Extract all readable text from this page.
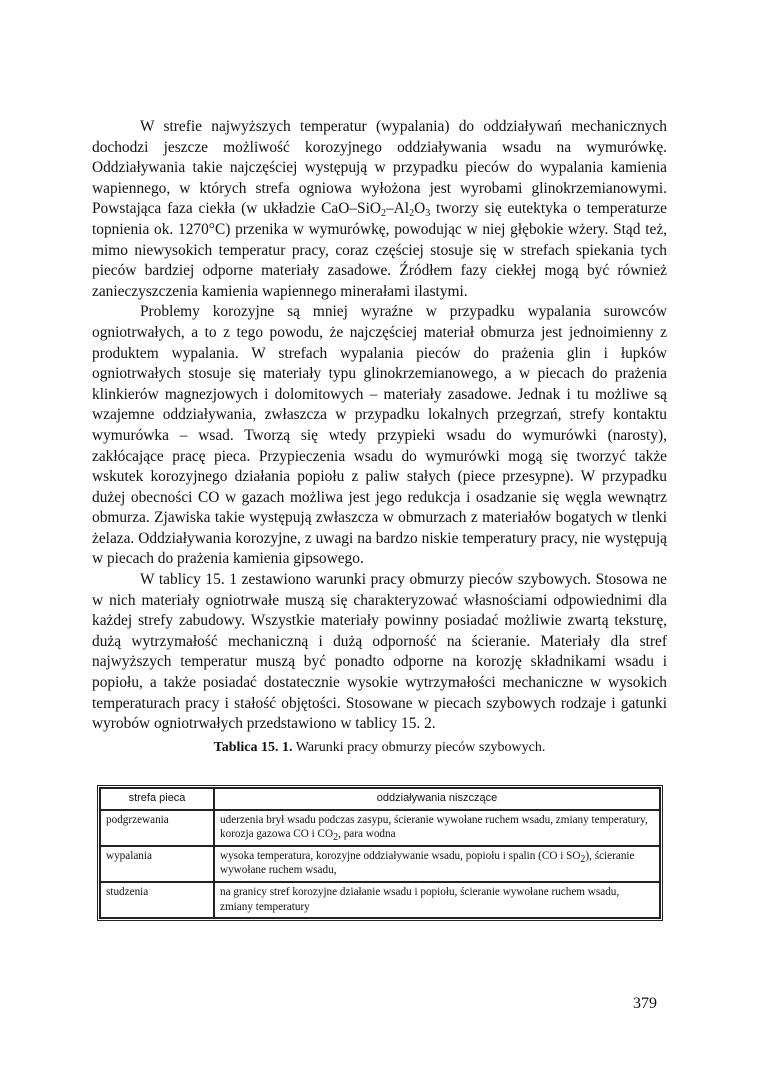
W strefie najwyższych temperatur (wypalania) do oddziaływań mechanicznych dochodzi jeszcze możliwość korozyjnego oddziaływania wsadu na wymurówkę. Oddziaływania takie najczęściej występują w przypadku pieców do wypalania kamienia wapiennego, w których strefa ogniowa wyłożona jest wyrobami glinokrzemianowymi. Powstająca faza ciekła (w układzie CaO–$SiO_2-Al_2O_3$ tworzy się eutektyka o temperaturze topnienia ok. 1270°C) przenika w wymurówkę, powodując w niej głębokie wżery. Stąd też, mimo niewysokich temperatur pracy, coraz częściej stosuje się w strefach spiekania tych pieców bardziej odporne materiały zasadowe. Źródłem fazy ciekłej mogą być również zanieczyszczenia kamienia wapiennego minerałami ilastymi.

Problemy korozyjne są mniej wyraźne w przypadku wypalania surowców ogniotrwałych, a to z tego powodu, że najczęściej materiał obmurza jest jednoimienny z produktem wypalania. W strefach wypalania pieców do prażenia glin i łupków ogniotrwałych stosuje się materiały typu glinokrzemianowego, a w piecach do prażenia klinkierów magnezjowych i dolomitowych – materiały zasadowe. Jednak i tu możliwe są wzajemne oddziaływania, zwłaszcza w przypadku lokalnych przegrzań, strefy kontaktu wymurówka – wsad. Tworzą się wtedy przypieki wsadu do wymurówki (narosty), zakłócające pracę pieca. Przypieczenia wsadu do wymurówki mogą się tworzyć także wskutek korozyjnego działania popiołu z paliw stałych (piece przesypne). W przypadku dużej obecności CO w gazach możliwa jest jego redukcja i osadzanie się węgla wewnątrz obmurza. Zjawiska takie występują zwłaszcza w obmurzach z materiałów bogatych w tlenki żelaza. Oddziaływania korozyjne, z uwagi na bardzo niskie temperatury pracy, nie występują w piecach do prażenia kamienia gipsowego.

W tablicy 15. 1 zestawiono warunki pracy obmurzy pieców szybowych. Stosowa ne w nich materiały ogniotrwałe muszą się charakteryzować własnościami odpowiednimi dla każdej strefy zabudowy. Wszystkie materiały powinny posiadać możliwie zwartą teksturę, dużą wytrzymałość mechaniczną i dużą odporność na ścieranie. Materiały dla stref najwyższych temperatur muszą być ponadto odporne na korozję składnikami wsadu i popiołu, a także posiadać dostatecznie wysokie wytrzymałości mechaniczne w wysokich temperaturach pracy i stałość objętości. Stosowane w piecach szybowych rodzaje i gatunki wyrobów ogniotrwałych przedstawiono w tablicy 15. 2.

Tablica 15. 1. Warunki pracy obmurzy pieców szybowych.

strefa pieca	oddziaływania niszczące
podgrzewania	uderzenia brył wsadu podczas zasypu, ścieranie wywołane ruchem wsadu, zmiany temperatury, korozja gazowa CO i $CO_2$, para wodna
wypalania	wysoka temperatura, korozyjne oddziaływanie wsadu, popiołu i spalin (CO i $SO_2$), ścieranie wywołane ruchem wsadu,
studzenia	na granicy stref korozyjne działanie wsadu i popiołu, ścieranie wywołane ruchem wsadu, zmiany temperatury
379
